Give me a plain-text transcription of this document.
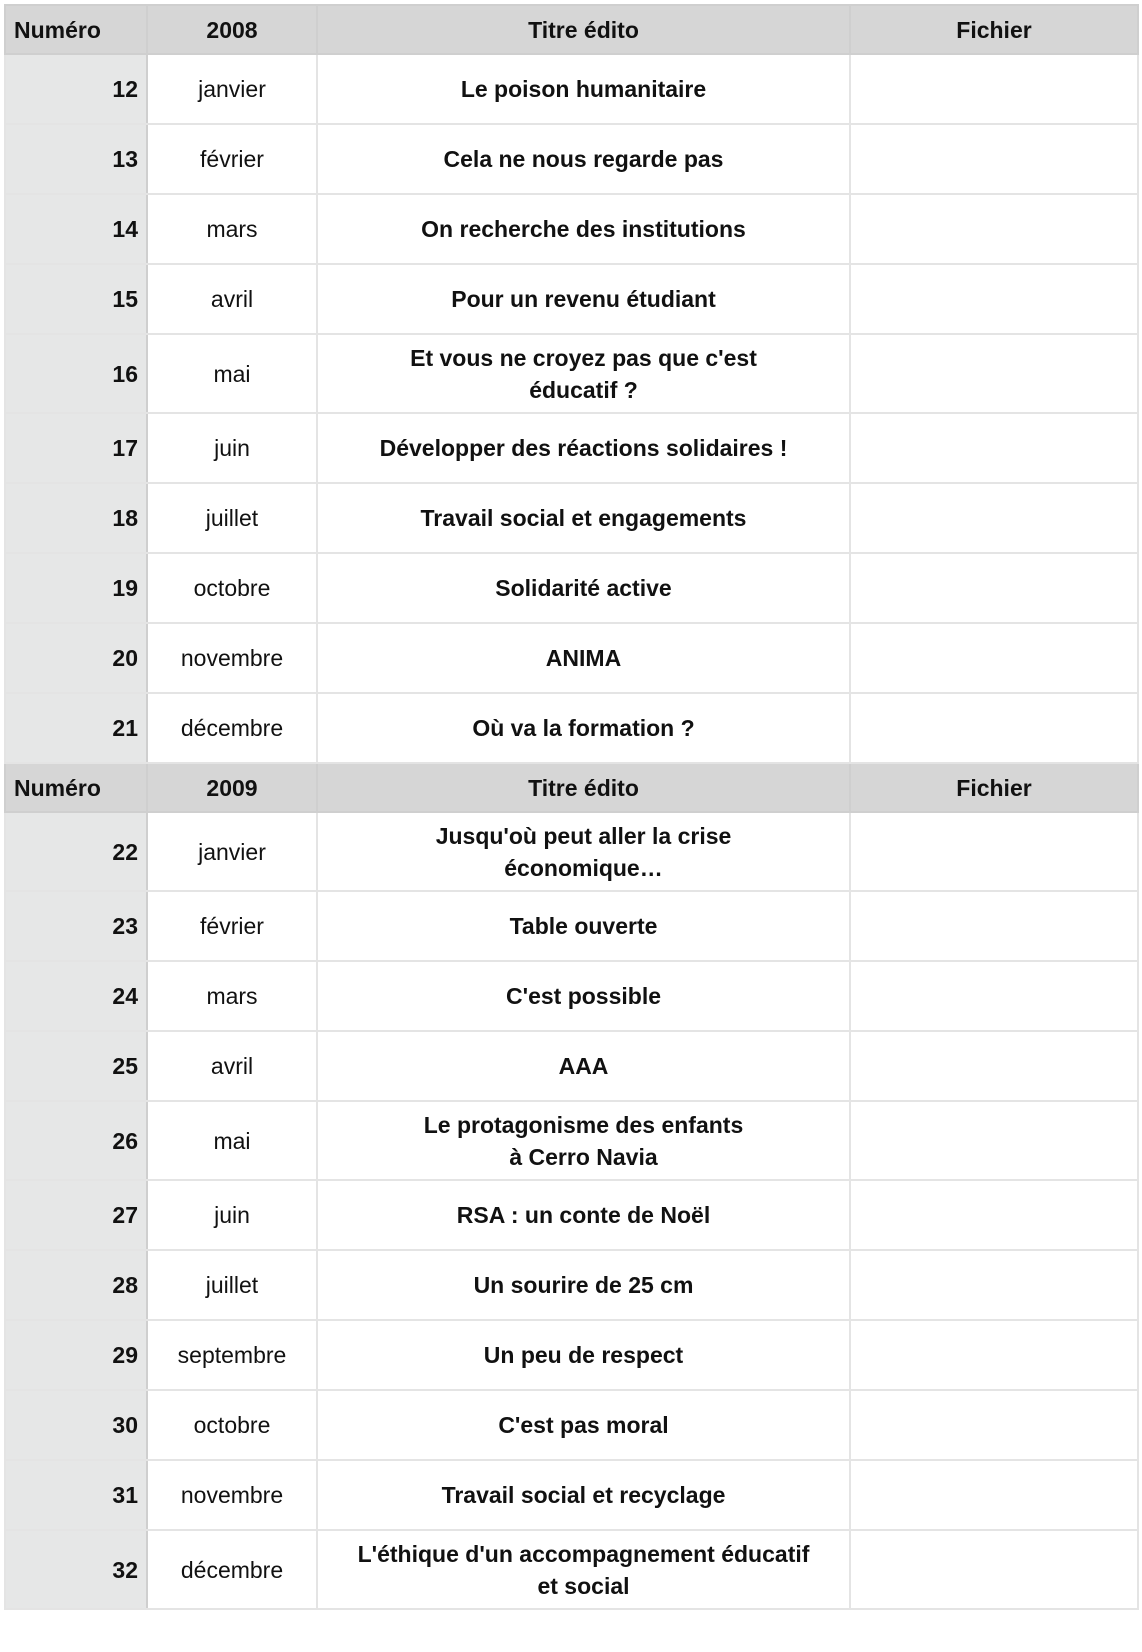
Numéro	2008	Titre édito	Fichier
12	janvier	Le poison humanitaire	
13	février	Cela ne nous regarde pas	
14	mars	On recherche des institutions	
15	avril	Pour un revenu étudiant	
16	mai	Et vous ne croyez pas que c'est
éducatif ?	
17	juin	Développer des réactions solidaires !	
18	juillet	Travail social et engagements	
19	octobre	Solidarité active	
20	novembre	ANIMA	
21	décembre	Où va la formation ?	
Numéro	2009	Titre édito	Fichier
22	janvier	Jusqu'où peut aller la crise
économique…	
23	février	Table ouverte	
24	mars	C'est possible	
25	avril	AAA	
26	mai	Le protagonisme des enfants
à Cerro Navia	
27	juin	RSA : un conte de Noël	
28	juillet	Un sourire de 25 cm	
29	septembre	Un peu de respect	
30	octobre	C'est pas moral	
31	novembre	Travail social et recyclage	
32	décembre	L'éthique d'un accompagnement éducatif
et social	
